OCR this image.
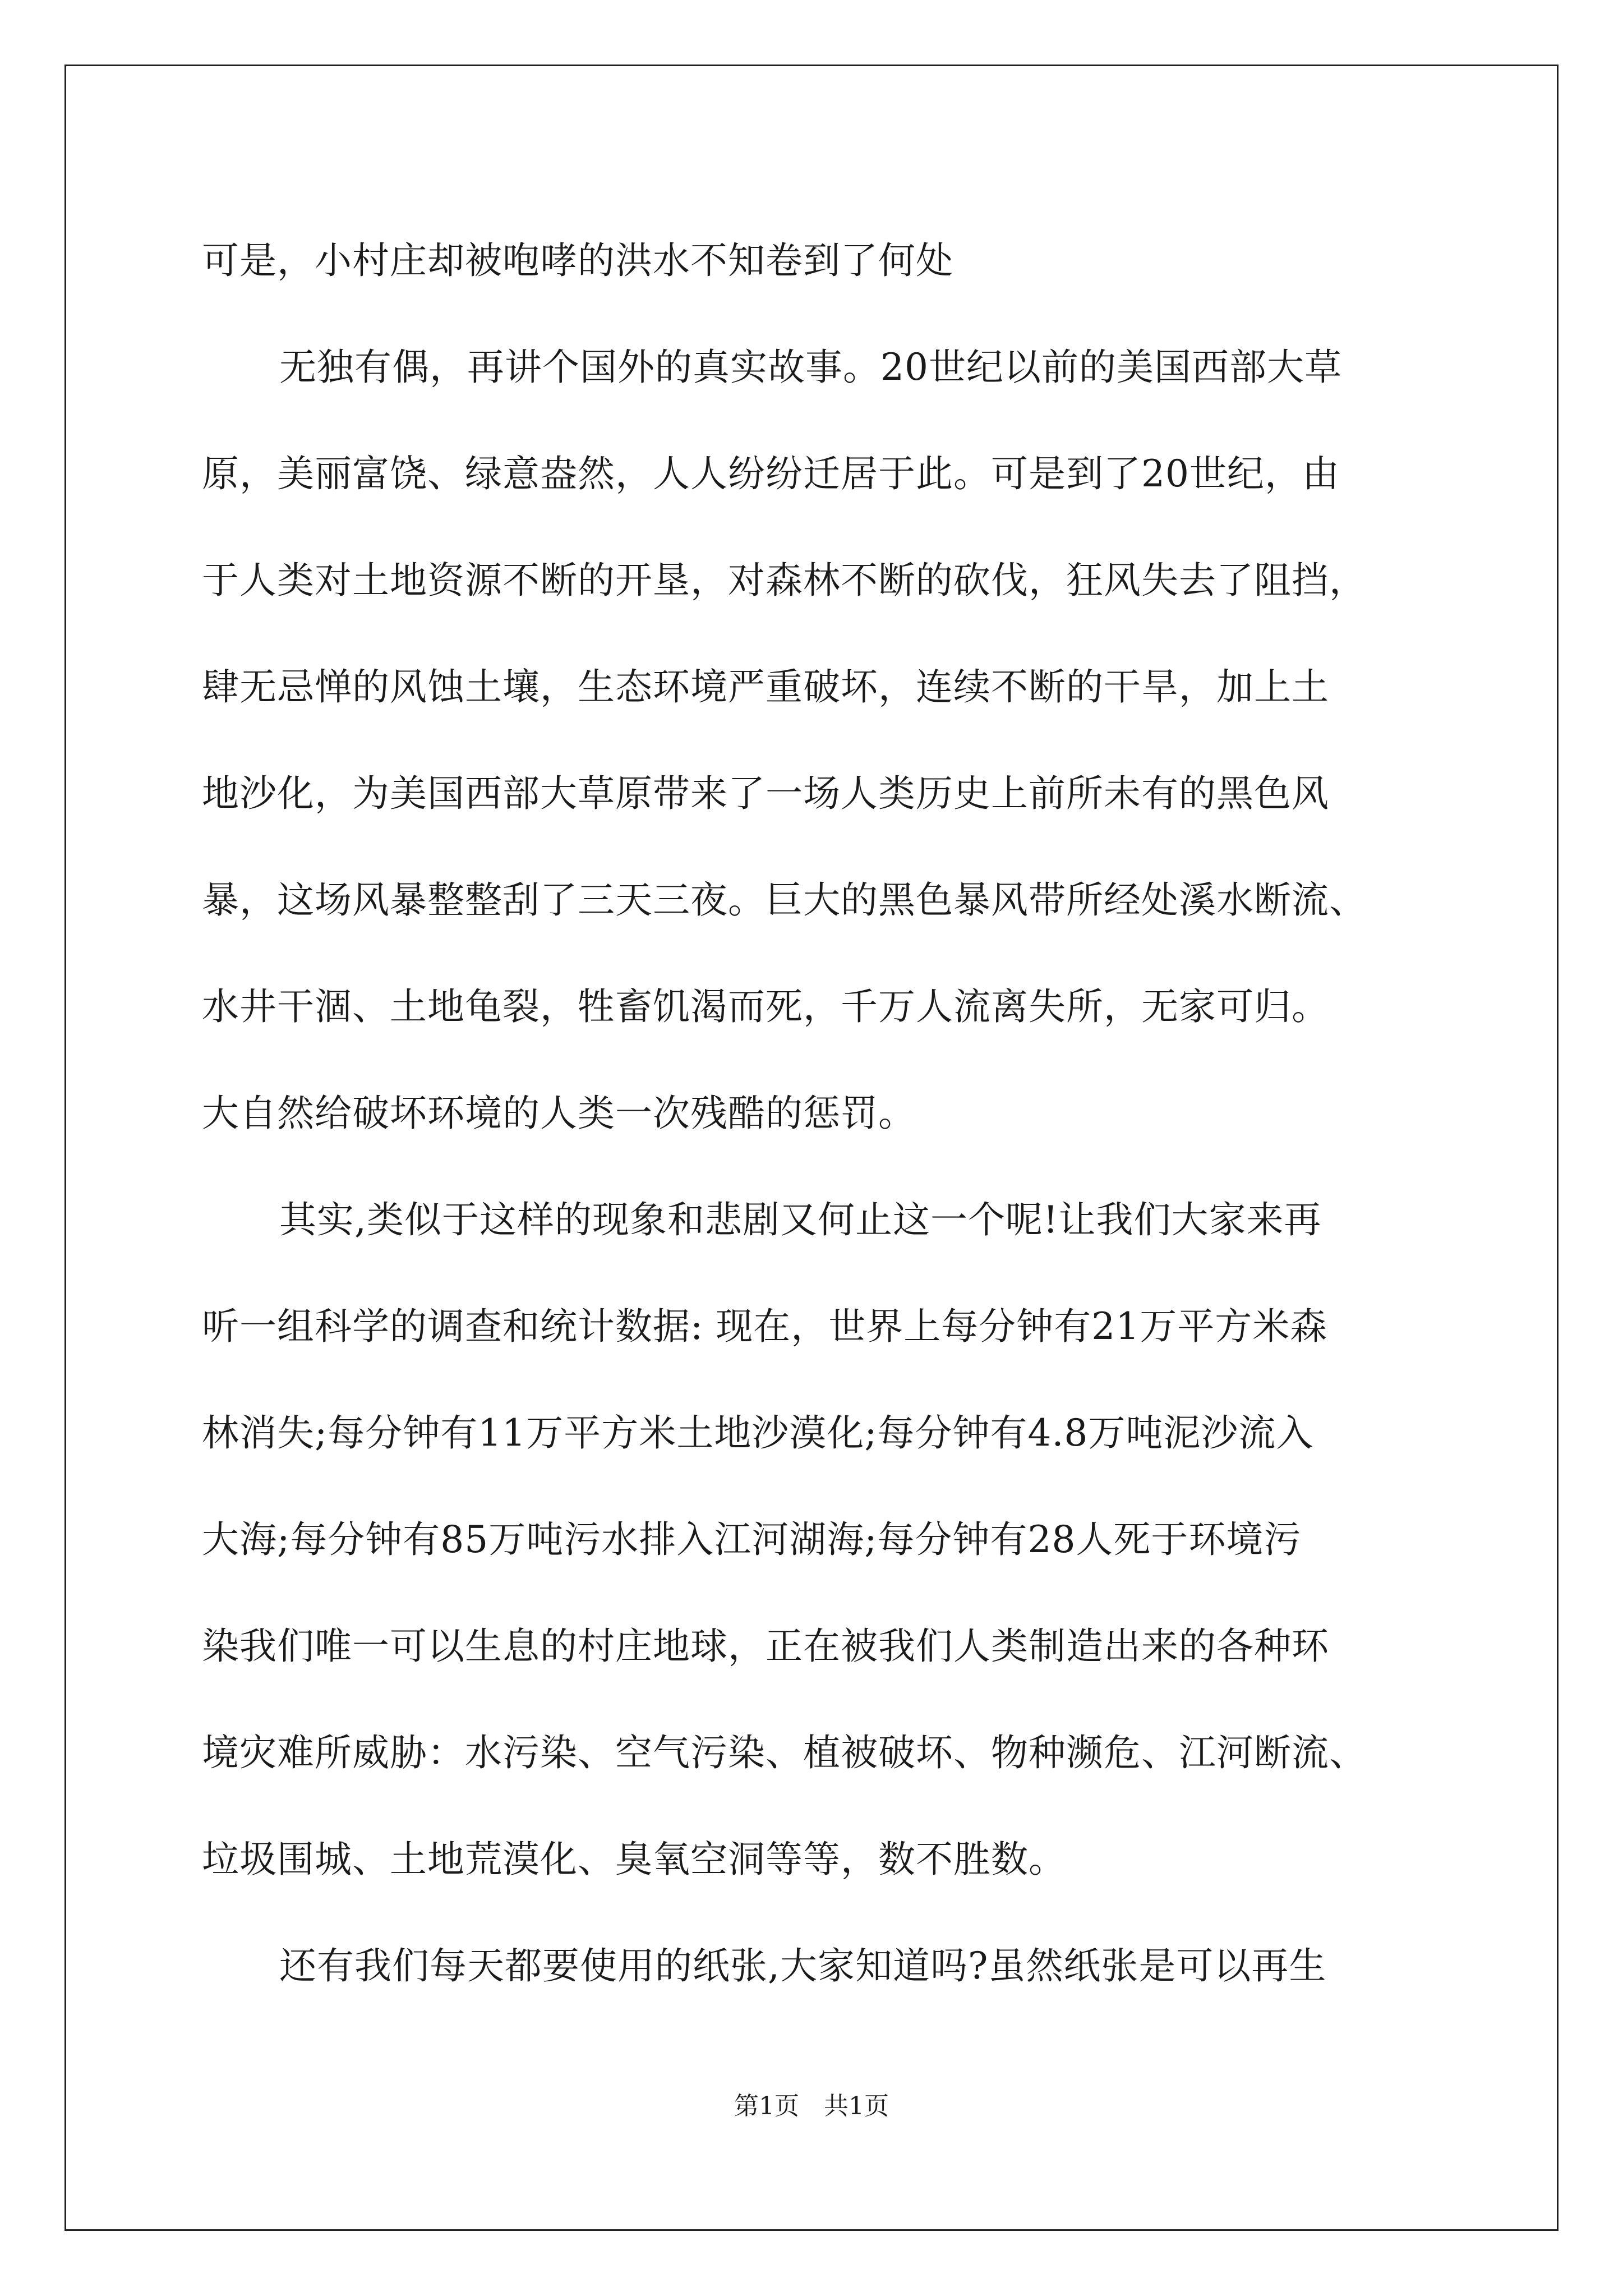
可是，小村庄却被咆哮的洪水不知卷到了何处
无独有偶，再讲个国外的真实故事。20世纪以前的美国西部大草
原，美丽富饶、绿意盎然，人人纷纷迁居于此。可是到了20世纪，由
于人类对土地资源不断的开垦，对森林不断的砍伐，狂风失去了阻挡，
肆无忌惮的风蚀土壤，生态环境严重破坏，连续不断的干旱，加上土
地沙化，为美国西部大草原带来了一场人类历史上前所未有的黑色风
暴，这场风暴整整刮了三天三夜。巨大的黑色暴风带所经处溪水断流、
水井干涸、土地龟裂，牲畜饥渴而死，千万人流离失所，无家可归。
大自然给破坏环境的人类一次残酷的惩罚。
其实,类似于这样的现象和悲剧又何止这一个呢!让我们大家来再
听一组科学的调查和统计数据: 现在，世界上每分钟有21万平方米森
林消失;每分钟有11万平方米土地沙漠化;每分钟有4.8万吨泥沙流入
大海;每分钟有85万吨污水排入江河湖海;每分钟有28人死于环境污
染我们唯一可以生息的村庄地球，正在被我们人类制造出来的各种环
境灾难所威胁：水污染、空气污染、植被破坏、物种濒危、江河断流、
垃圾围城、土地荒漠化、臭氧空洞等等，数不胜数。
还有我们每天都要使用的纸张,大家知道吗?虽然纸张是可以再生
第1页 共1页
